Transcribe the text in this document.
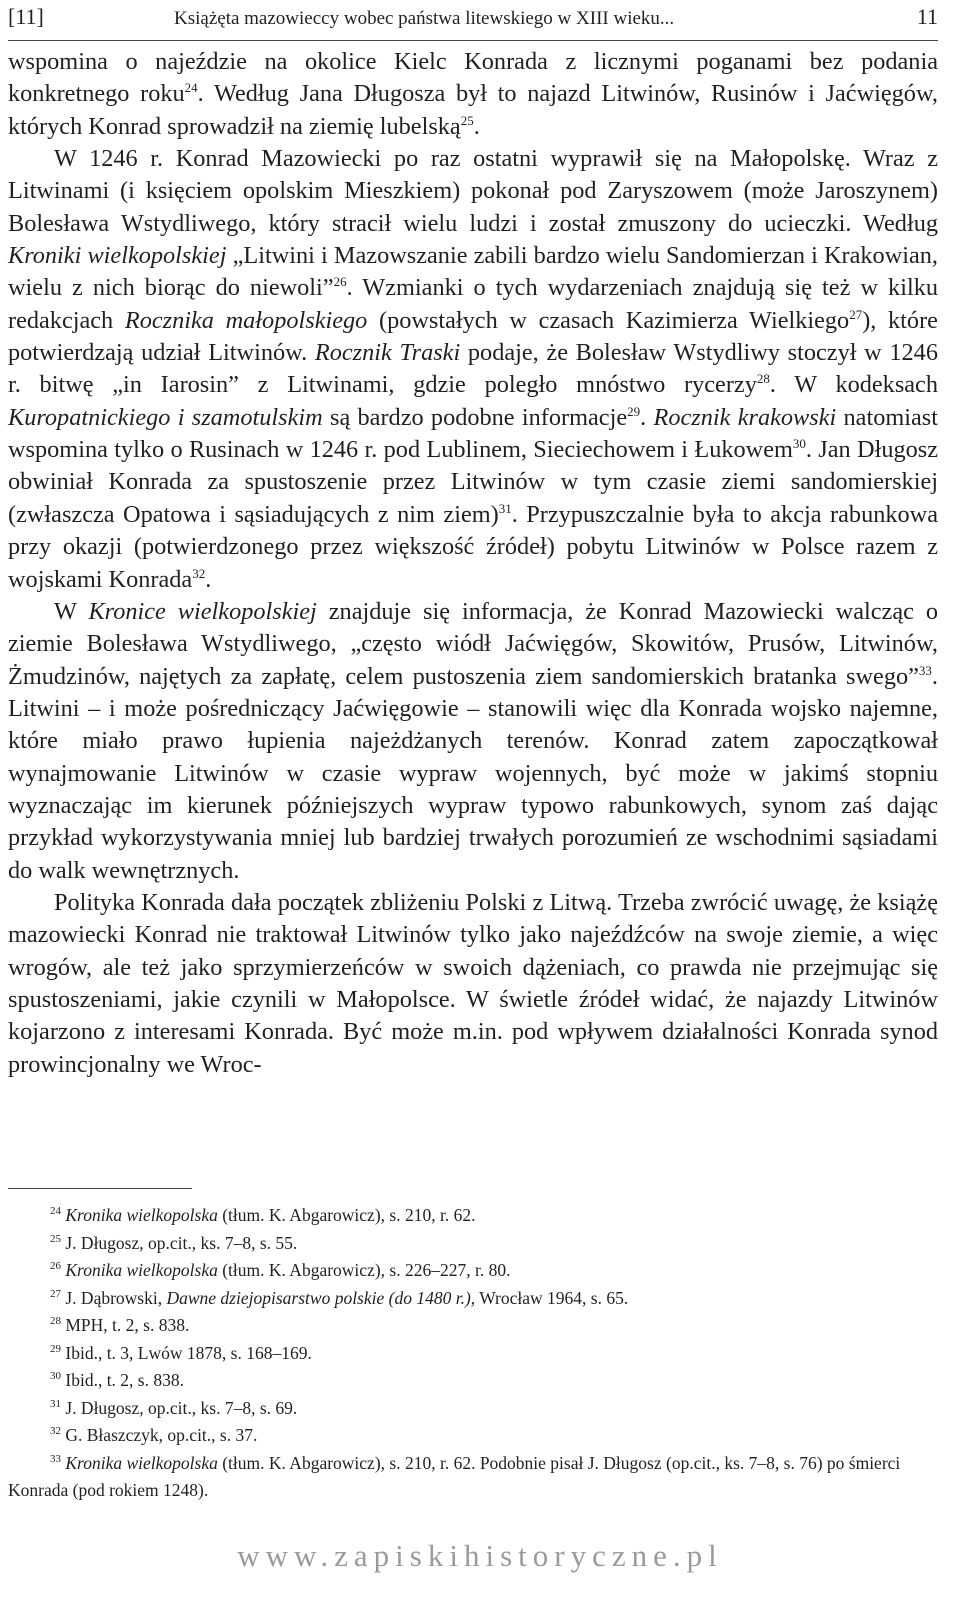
[11]	Książęta mazowieccy wobec państwa litewskiego w XIII wieku...	11

wspomina o najeździe na okolice Kielc Konrada z licznymi poganami bez podania konkretnego roku$^{24}$. Według Jana Długosza był to najazd Litwinów, Rusinów i Jaćwięgów, których Konrad sprowadził na ziemię lubelską$^{25}$.

W 1246 r. Konrad Mazowiecki po raz ostatni wyprawił się na Małopolskę. Wraz z Litwinami (i księciem opolskim Mieszkiem) pokonał pod Zaryszowem (może Jaroszynem) Bolesława Wstydliwego, który stracił wielu ludzi i został zmuszony do ucieczki. Według Kroniki wielkopolskiej „Litwini i Mazowszanie zabili bardzo wielu Sandomierzan i Krakowian, wielu z nich biorąc do niewoli”$^{26}$. Wzmianki o tych wydarzeniach znajdują się też w kilku redakcjach Rocznika małopolskiego (powstałych w czasach Kazimierza Wielkiego$^{27}$), które potwierdzają udział Litwinów. Rocznik Traski podaje, że Bolesław Wstydliwy stoczył w 1246 r. bitwę „in Iarosin” z Litwinami, gdzie poległo mnóstwo rycerzy$^{28}$. W kodeksach Kuropatnickiego i szamotulskim są bardzo podobne informacje$^{29}$. Rocznik krakowski natomiast wspomina tylko o Rusinach w 1246 r. pod Lublinem, Sieciechowem i Łukowem$^{30}$. Jan Długosz obwiniał Konrada za spustoszenie przez Litwinów w tym czasie ziemi sandomierskiej (zwłaszcza Opatowa i sąsiadujących z nim ziem)$^{31}$. Przypuszczalnie była to akcja rabunkowa przy okazji (potwierdzonego przez większość źródeł) pobytu Litwinów w Polsce razem z wojskami Konrada$^{32}$.

W Kronice wielkopolskiej znajduje się informacja, że Konrad Mazowiecki walcząc o ziemie Bolesława Wstydliwego, „często wiódł Jaćwięgów, Skowitów, Prusów, Litwinów, Żmudzinów, najętych za zapłatę, celem pustoszenia ziem sandomierskich bratanka swego”$^{33}$. Litwini – i może pośredniczący Jaćwięgowie – stanowili więc dla Konrada wojsko najemne, które miało prawo łupienia najeżdżanych terenów. Konrad zatem zapoczątkował wynajmowanie Litwinów w czasie wypraw wojennych, być może w jakimś stopniu wyznaczając im kierunek późniejszych wypraw typowo rabunkowych, synom zaś dając przykład wykorzystywania mniej lub bardziej trwałych porozumień ze wschodnimi sąsiadami do walk wewnętrznych.

Polityka Konrada dała początek zbliżeniu Polski z Litwą. Trzeba zwrócić uwagę, że książę mazowiecki Konrad nie traktował Litwinów tylko jako najeźdźców na swoje ziemie, a więc wrogów, ale też jako sprzymierzeńców w swoich dążeniach, co prawda nie przejmując się spustoszeniami, jakie czynili w Małopolsce. W świetle źródeł widać, że najazdy Litwinów kojarzono z interesami Konrada. Być może m.in. pod wpływem działalności Konrada synod prowincjonalny we Wroc-

$^{24}$ Kronika wielkopolska (tłum. K. Abgarowicz), s. 210, r. 62.

$^{25}$ J. Długosz, op.cit., ks. 7–8, s. 55.

$^{26}$ Kronika wielkopolska (tłum. K. Abgarowicz), s. 226–227, r. 80.

$^{27}$ J. Dąbrowski, Dawne dziejopisarstwo polskie (do 1480 r.), Wrocław 1964, s. 65.

$^{28}$ MPH, t. 2, s. 838.

$^{29}$ Ibid., t. 3, Lwów 1878, s. 168–169.

$^{30}$ Ibid., t. 2, s. 838.

$^{31}$ J. Długosz, op.cit., ks. 7–8, s. 69.

$^{32}$ G. Błaszczyk, op.cit., s. 37.

$^{33}$ Kronika wielkopolska (tłum. K. Abgarowicz), s. 210, r. 62. Podobnie pisał J. Długosz (op.cit., ks. 7–8, s. 76) po śmierci Konrada (pod rokiem 1248).

www.zapiskihistoryczne.pl
